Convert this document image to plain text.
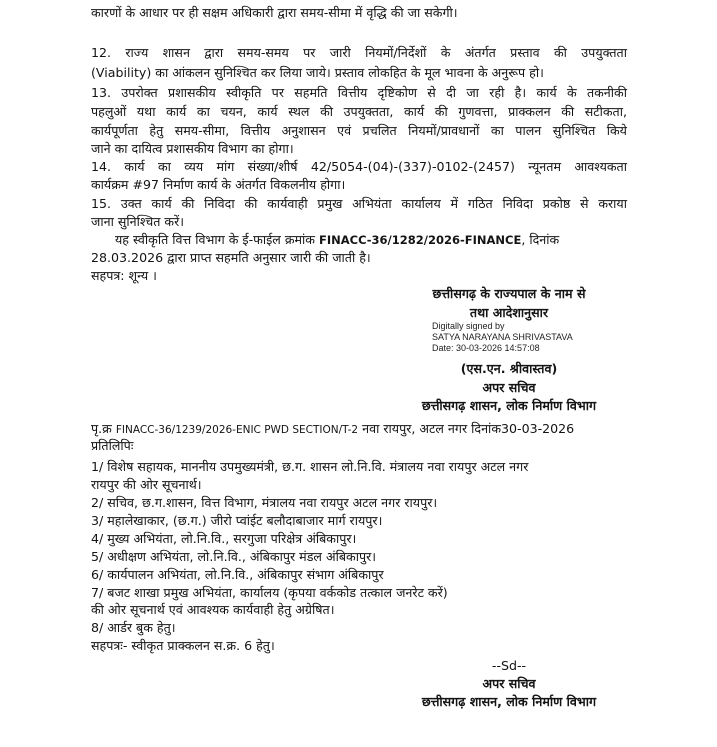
कारणों के आधार पर ही सक्षम अधिकारी द्वारा समय-सीमा में वृद्धि की जा सकेगी।

12. राज्य शासन द्वारा समय-समय पर जारी नियमों/निर्देशों के अंतर्गत प्रस्ताव की उपयुक्तता

(Viability) का आंकलन सुनिश्चित कर लिया जाये। प्रस्ताव लोकहित के मूल भावना के अनुरूप हो।

13. उपरोक्त प्रशासकीय स्वीकृति पर सहमति वित्तीय दृष्टिकोण से दी जा रही है। कार्य के तकनीकी

पहलुओं यथा कार्य का चयन, कार्य स्थल की उपयुक्तता, कार्य की गुणवत्ता, प्राक्कलन की सटीकता,

कार्यपूर्णता हेतु समय-सीमा, वित्तीय अनुशासन एवं प्रचलित नियमों/प्रावधानों का पालन सुनिश्चित किये

जाने का दायित्व प्रशासकीय विभाग का होगा।

14. कार्य का व्यय मांग संख्या/शीर्ष 42/5054-(04)-(337)-0102-(2457) न्यूनतम आवश्यकता

कार्यक्रम #97 निर्माण कार्य के अंतर्गत विकलनीय होगा।

15. उक्त कार्य की निविदा की कार्यवाही प्रमुख अभियंता कार्यालय में गठित निविदा प्रकोष्ठ से कराया

जाना सुनिश्चित करें।

यह स्वीकृति वित्त विभाग के ई-फाईल क्रमांक FINACC-36/1282/2026-FINANCE, दिनांक

28.03.2026 द्वारा प्राप्त सहमति अनुसार जारी की जाती है।

सहपत्र: शून्य ।

छत्तीसगढ़ के राज्यपाल के नाम से
तथा आदेशानुसार
Digitally signed by
SATYA NARAYANA SHRIVASTAVA
Date: 30-03-2026 14:57:08
(एस.एन. श्रीवास्तव)
अपर सचिव
छत्तीसगढ़ शासन, लोक निर्माण विभाग

पृ.क्र FINACC-36/1239/2026-ENIC PWD SECTION/T-2 नवा रायपुर, अटल नगर दिनांक30-03-2026

प्रतिलिपिः

1/ विशेष सहायक, माननीय उपमुख्यमंत्री, छ.ग. शासन लो.नि.वि. मंत्रालय नवा रायपुर अटल नगर

रायपुर की ओर सूचनार्थ।

2/ सचिव, छ.ग.शासन, वित्त विभाग, मंत्रालय नवा रायपुर अटल नगर रायपुर।

3/ महालेखाकार, (छ.ग.) जीरो प्वांईट बलौदाबाजार मार्ग रायपुर।

4/ मुख्य अभियंता, लो.नि.वि., सरगुजा परिक्षेत्र अंबिकापुर।

5/ अधीक्षण अभियंता, लो.नि.वि., अंबिकापुर मंडल अंबिकापुर।

6/ कार्यपालन अभियंता, लो.नि.वि., अंबिकापुर संभाग अंबिकापुर

7/ बजट शाखा प्रमुख अभियंता, कार्यालय (कृपया वर्ककोड तत्काल जनरेट करें)

की ओर सूचनार्थ एवं आवश्यक कार्यवाही हेतु अग्रेषित।

8/ आर्डर बुक हेतु।

सहपत्रः- स्वीकृत प्राक्कलन स.क्र. 6 हेतु।

--Sd--
अपर सचिव
छत्तीसगढ़ शासन, लोक निर्माण विभाग
